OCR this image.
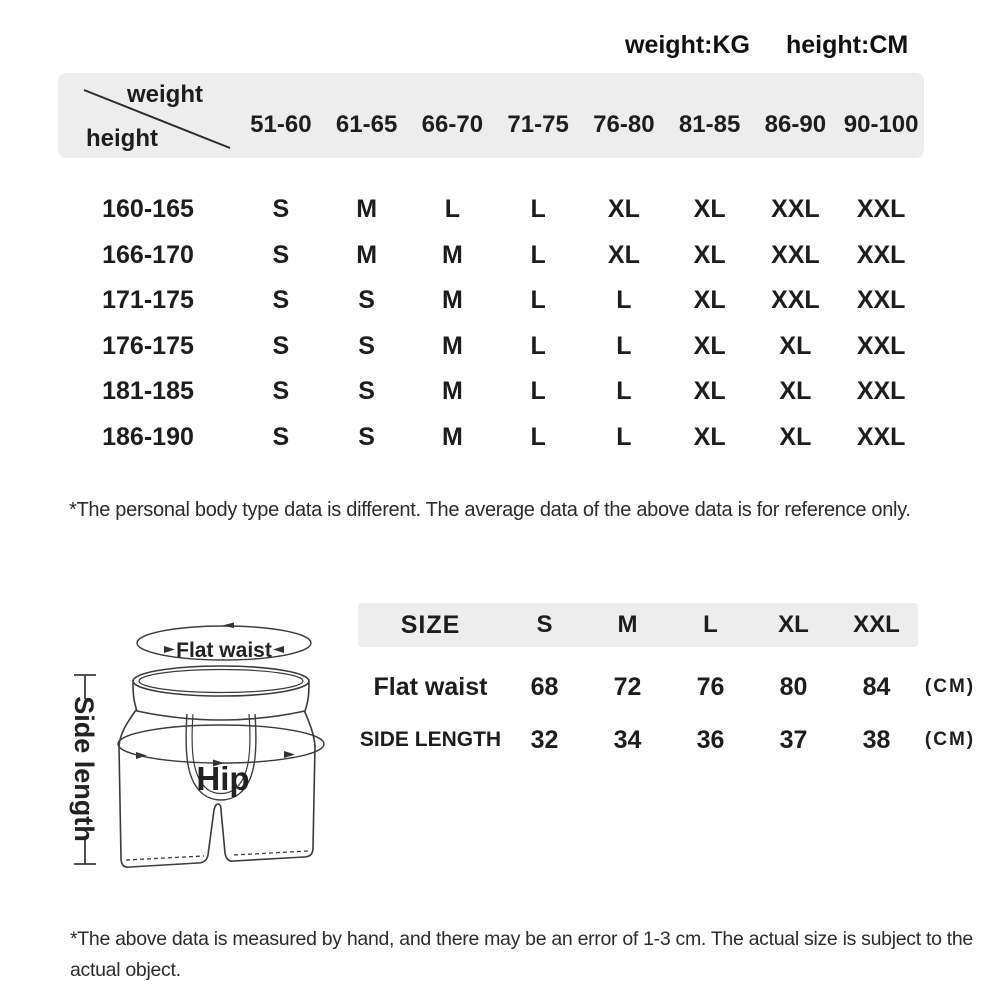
weight:KG height:CM
weight
height
51-60	61-65	66-70	71-75	76-80	81-85	86-90 90-100
160-165	S	M	L	L	XL	XL	XXL	XXL
166-170	S	M	M	L	XL	XL	XXL	XXL
171-175	S	S	M	L	L	XL	XXL	XXL
176-175	S	S	M	L	L	XL	XL	XXL
181-185	S	S	M	L	L	XL	XL	XXL
186-190	S	S	M	L	L	XL	XL	XXL
*The personal body type data is different. The average data of the above data is for reference only.
Flat waist
Hip
Side length
SIZE	S	M	L	XL	XXL
Flat waist	68	72	76	80	84	(CM)
SIDE LENGTH	32	34	36	37	38	(CM)
*The above data is measured by hand, and there may be an error of 1-3 cm. The actual size is subject to the actual object.
